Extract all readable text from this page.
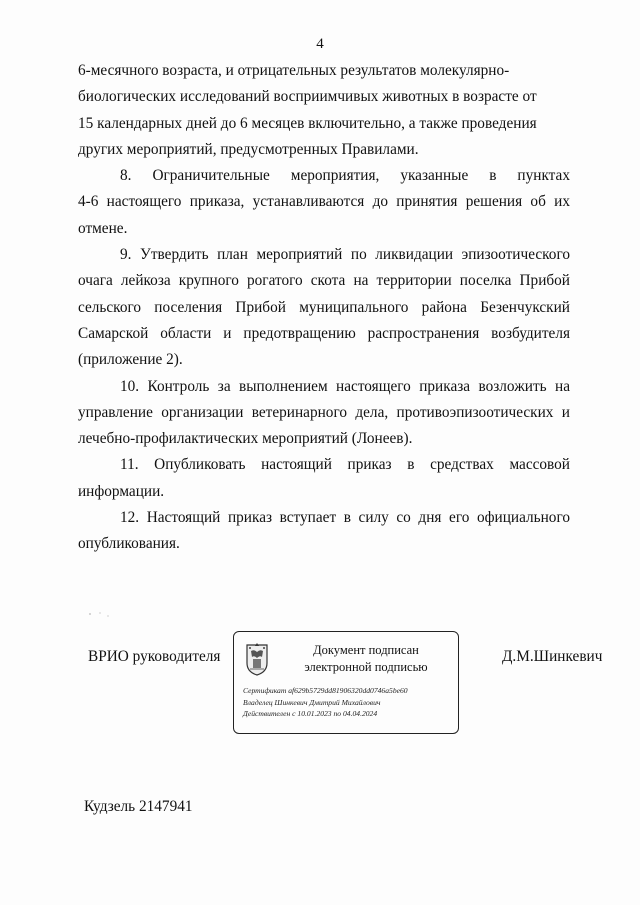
4
6-месячного возраста, и отрицательных результатов молекулярно-
биологических исследований восприимчивых животных в возрасте от
15 календарных дней до 6 месяцев включительно, а также проведения
других мероприятий, предусмотренных Правилами.
8. Ограничительные мероприятия, указанные в пунктах
4-6 настоящего приказа, устанавливаются до принятия решения об их
отмене.
9. Утвердить план мероприятий по ликвидации эпизоотического
очага лейкоза крупного рогатого скота на территории поселка Прибой
сельского поселения Прибой муниципального района Безенчукский
Самарской области и предотвращению распространения возбудителя
(приложение 2).
10. Контроль за выполнением настоящего приказа возложить на
управление организации ветеринарного дела, противоэпизоотических и
лечебно-профилактических мероприятий (Лонеев).
11. Опубликовать настоящий приказ в средствах массовой
информации.
12. Настоящий приказ вступает в силу со дня его официального
опубликования.
ВРИО руководителя	Документ подписан
электронной подписью
Сертификат af629b5729dd81906320dd0746a5be60
Владелец Шинкевич Дмитрий Михайлович
Действителен с 10.01.2023 по 04.04.2024
Д.М.Шинкевич
Кудзель 2147941
